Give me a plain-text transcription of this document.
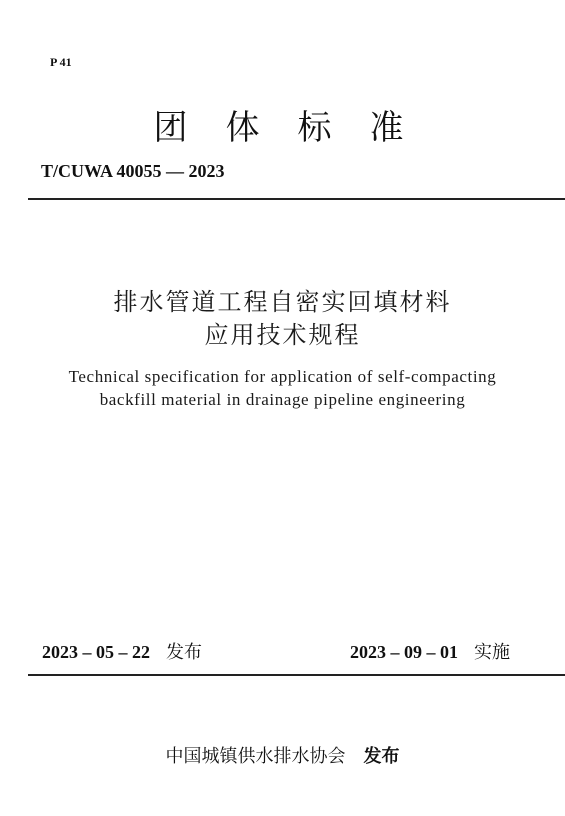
P 41
团体标准
T/CUWA 40055 — 2023
排水管道工程自密实回填材料
应用技术规程
Technical specification for application of self-compacting
backfill material in drainage pipeline engineering
2023 – 05 – 22 发布	2023 – 09 – 01 实施
中国城镇供水排水协会 发布
